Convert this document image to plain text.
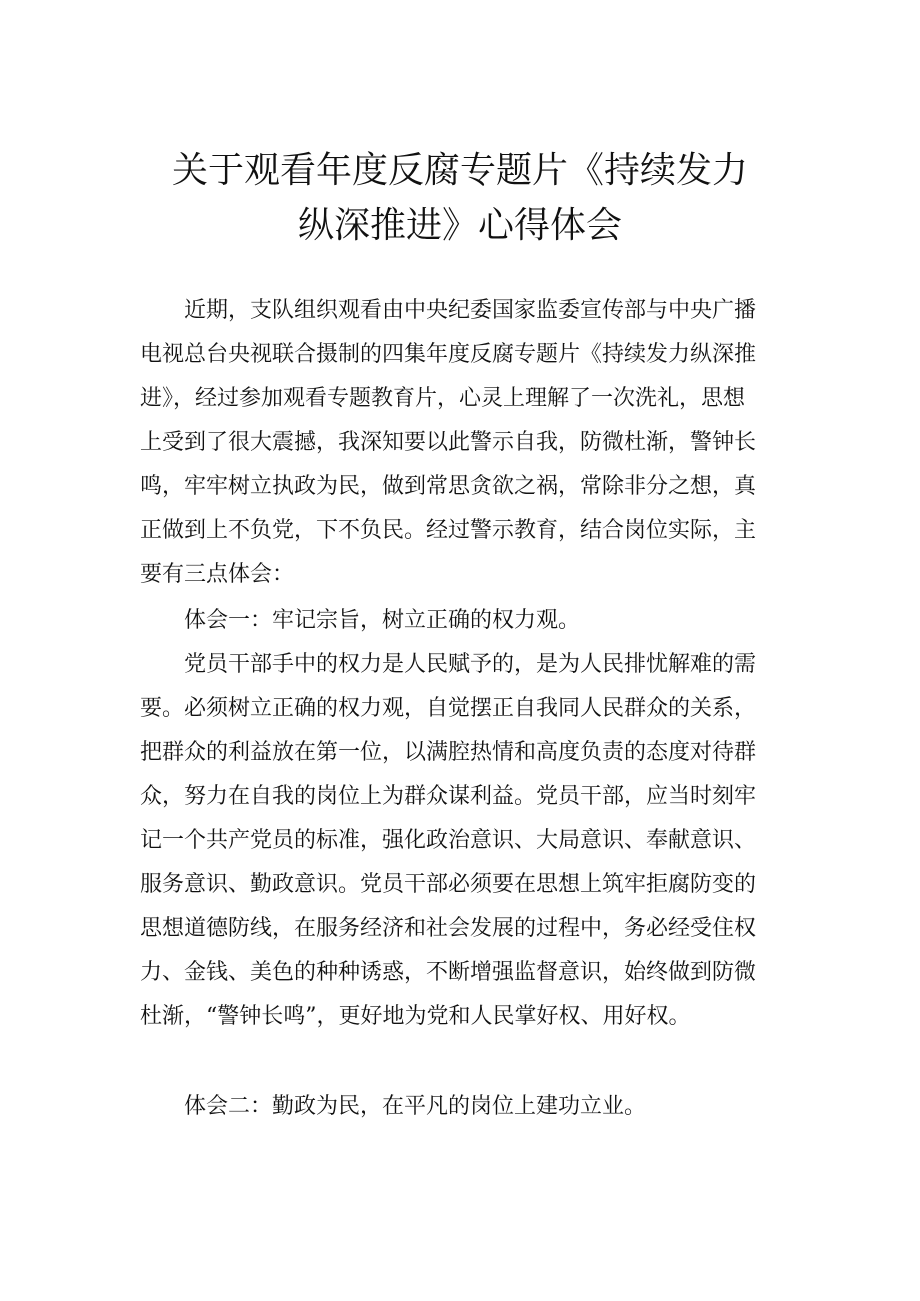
关于观看年度反腐专题片《持续发力
纵深推进》心得体会

近期，支队组织观看由中央纪委国家监委宣传部与中央广播

电视总台央视联合摄制的四集年度反腐专题片《持续发力纵深推

进》，经过参加观看专题教育片，心灵上理解了一次洗礼，思想

上受到了很大震撼，我深知要以此警示自我，防微杜渐，警钟长

鸣，牢牢树立执政为民，做到常思贪欲之祸，常除非分之想，真

正做到上不负党，下不负民。经过警示教育，结合岗位实际，主

要有三点体会：

体会一：牢记宗旨，树立正确的权力观。

党员干部手中的权力是人民赋予的，是为人民排忧解难的需

要。必须树立正确的权力观，自觉摆正自我同人民群众的关系，

把群众的利益放在第一位，以满腔热情和高度负责的态度对待群

众，努力在自我的岗位上为群众谋利益。党员干部，应当时刻牢

记一个共产党员的标准，强化政治意识、大局意识、奉献意识、

服务意识、勤政意识。党员干部必须要在思想上筑牢拒腐防变的

思想道德防线，在服务经济和社会发展的过程中，务必经受住权

力、金钱、美色的种种诱惑，不断增强监督意识，始终做到防微

杜渐，“警钟长鸣”，更好地为党和人民掌好权、用好权。

体会二：勤政为民，在平凡的岗位上建功立业。
